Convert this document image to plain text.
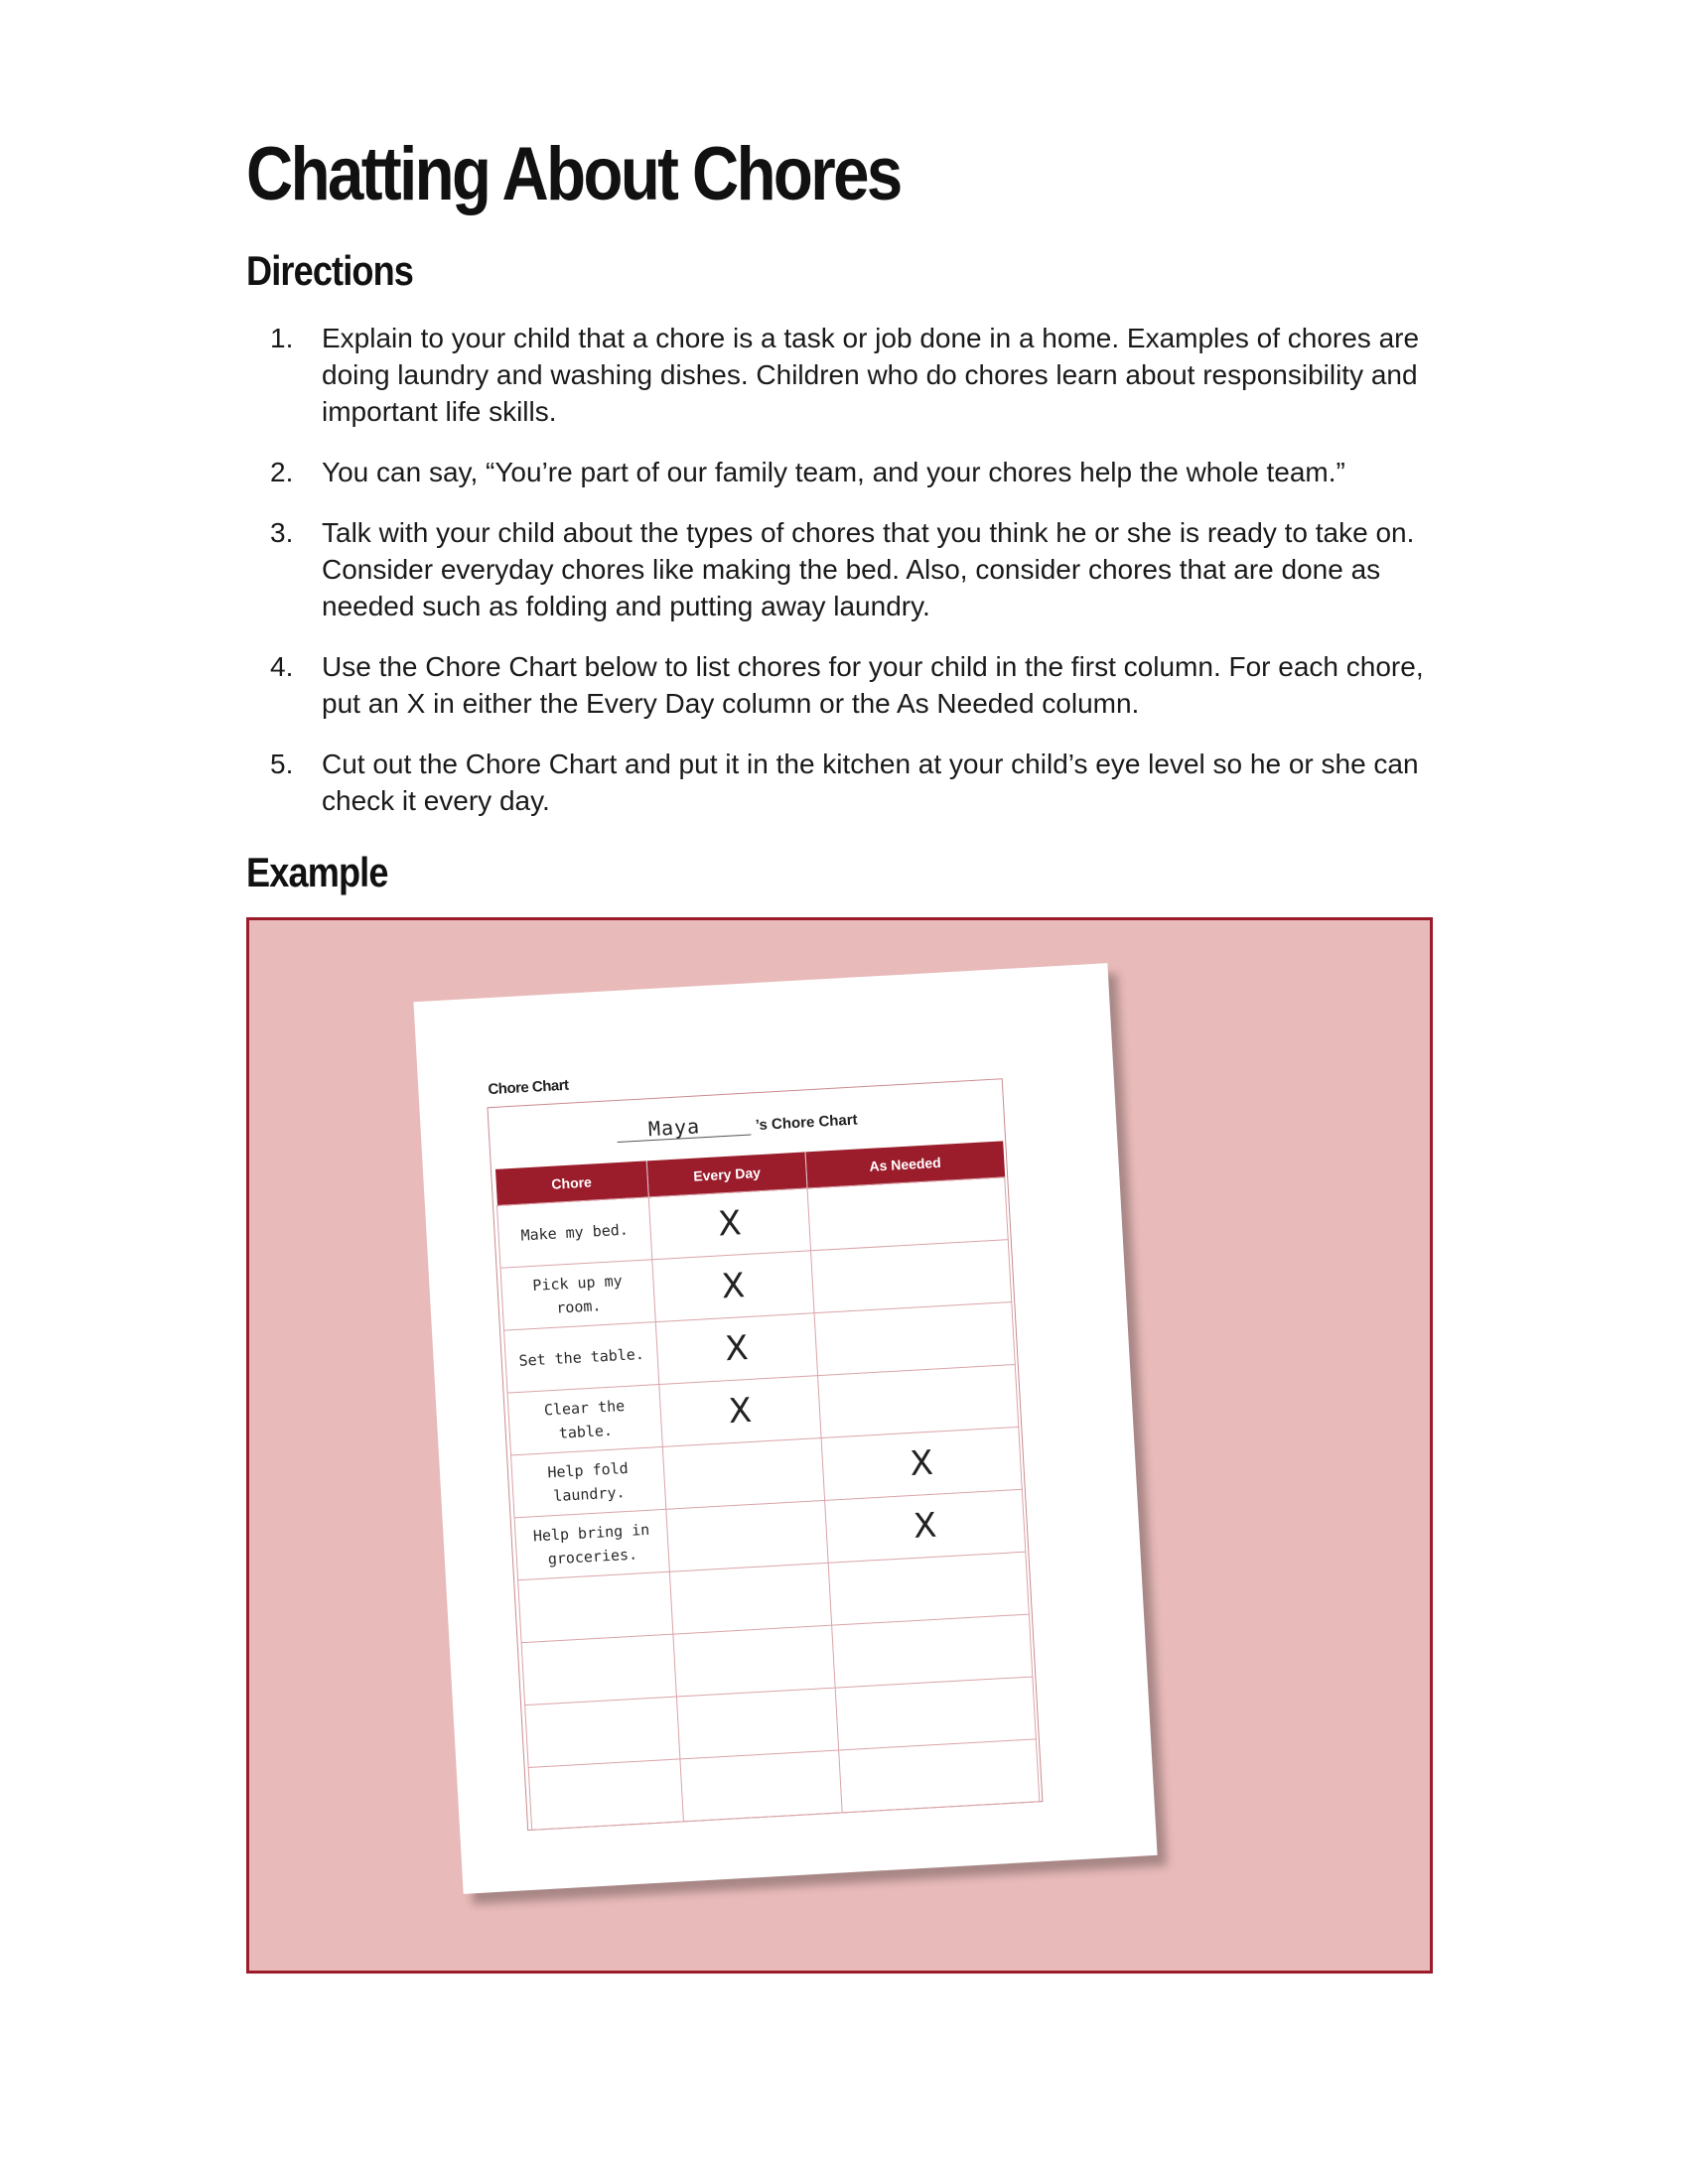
Chatting About Chores
Directions
1. Explain to your child that a chore is a task or job done in a home. Examples of chores are doing laundry and washing dishes. Children who do chores learn about responsibility and important life skills.
2. You can say, “You’re part of our family team, and your chores help the whole team.”
3. Talk with your child about the types of chores that you think he or she is ready to take on. Consider everyday chores like making the bed. Also, consider chores that are done as needed such as folding and putting away laundry.
4. Use the Chore Chart below to list chores for your child in the first column. For each chore, put an X in either the Every Day column or the As Needed column.
5. Cut out the Chore Chart and put it in the kitchen at your child’s eye level so he or she can check it every day.
Example
Chore Chart
Maya	’s Chore Chart
Chore	Every Day	As Needed
Make my bed.	X	
Pick up my room.	X	
Set the table.	X	
Clear the table.	X	
Help fold laundry.		X
Help bring in groceries.		X
